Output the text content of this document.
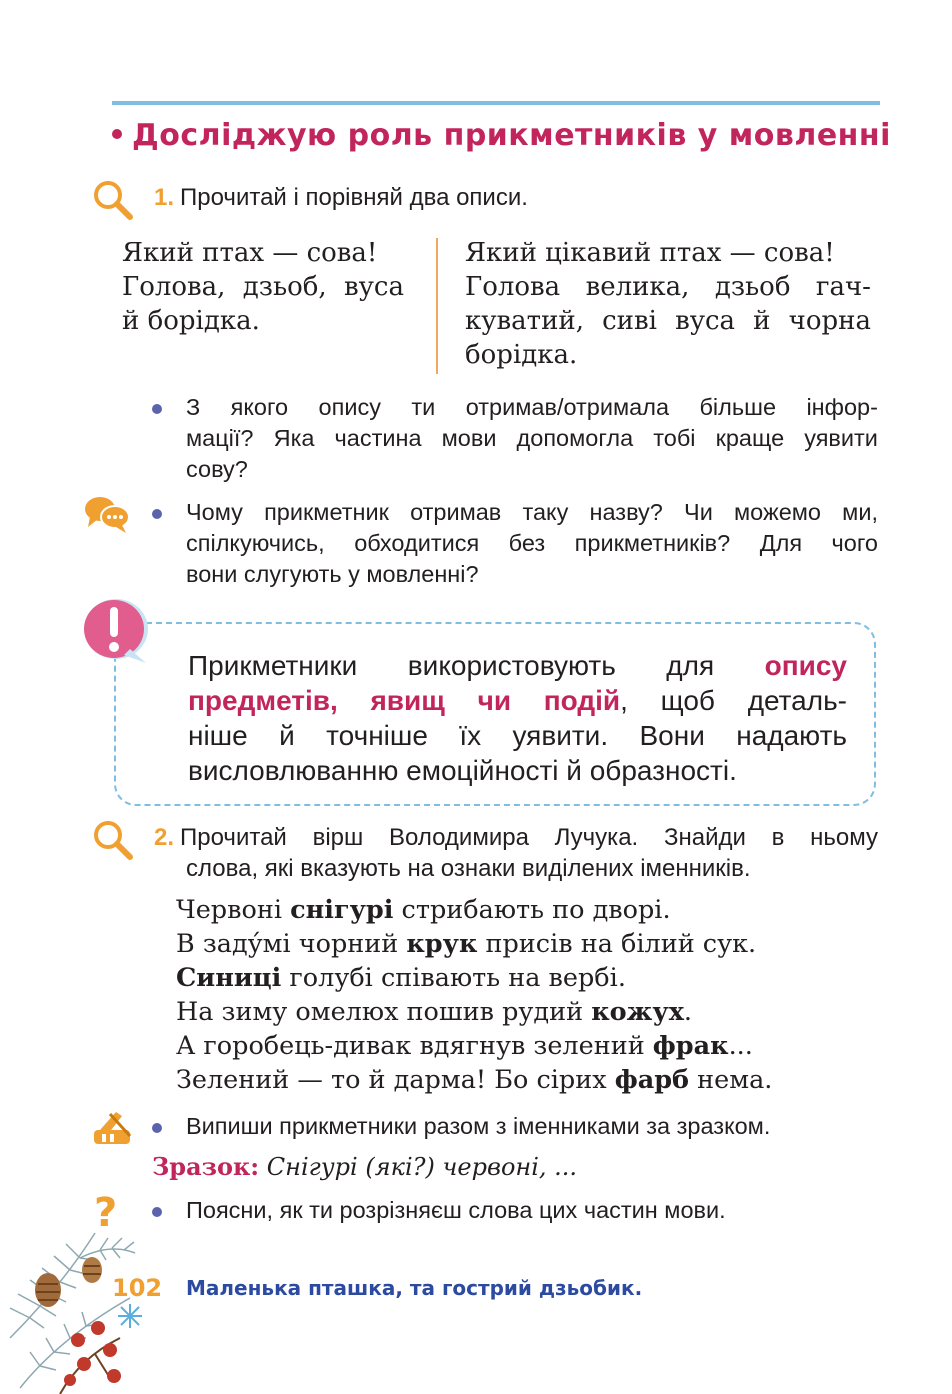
Досліджую роль прикметників у мовленні
1. Прочитай і порівняй два описи.
Який птах — сова!
Голова, дзьоб, вуса
й борідка.
Який цікавий птах — сова!
Голова велика, дзьоб гач-
куватий, сиві вуса й чорна
борідка.
З якого опису ти отримав/отримала більше інфор-
мації? Яка частина мови допомогла тобі краще уявити
сову?
Чому прикметник отримав таку назву? Чи можемо ми,
спілкуючись, обходитися без прикметників? Для чого
вони слугують у мовленні?
Прикметники використовують для опису
предметів, явищ чи подій, щоб деталь-
ніше й точніше їх уявити. Вони надають
висловлюванню емоційності й образності.
2. Прочитай вірш Володимира Лучука. Знайди в ньому
слова, які вказують на ознаки виділених іменників.
Червоні снігурі стрибають по дворі.
В заду́мі чорний крук присів на білий сук.
Синиці голубі співають на вербі.
На зиму омелюх пошив рудий кожух.
А горобець-дивак вдягнув зелений фрак...
Зелений — то й дарма! Бо сірих фарб нема.
Випиши прикметники разом з іменниками за зразком.
Зразок: Снігурі (які?) червоні, ...
?	Поясни, як ти розрізняєш слова цих частин мови.
102 Маленька пташка, та гострий дзьобик.
